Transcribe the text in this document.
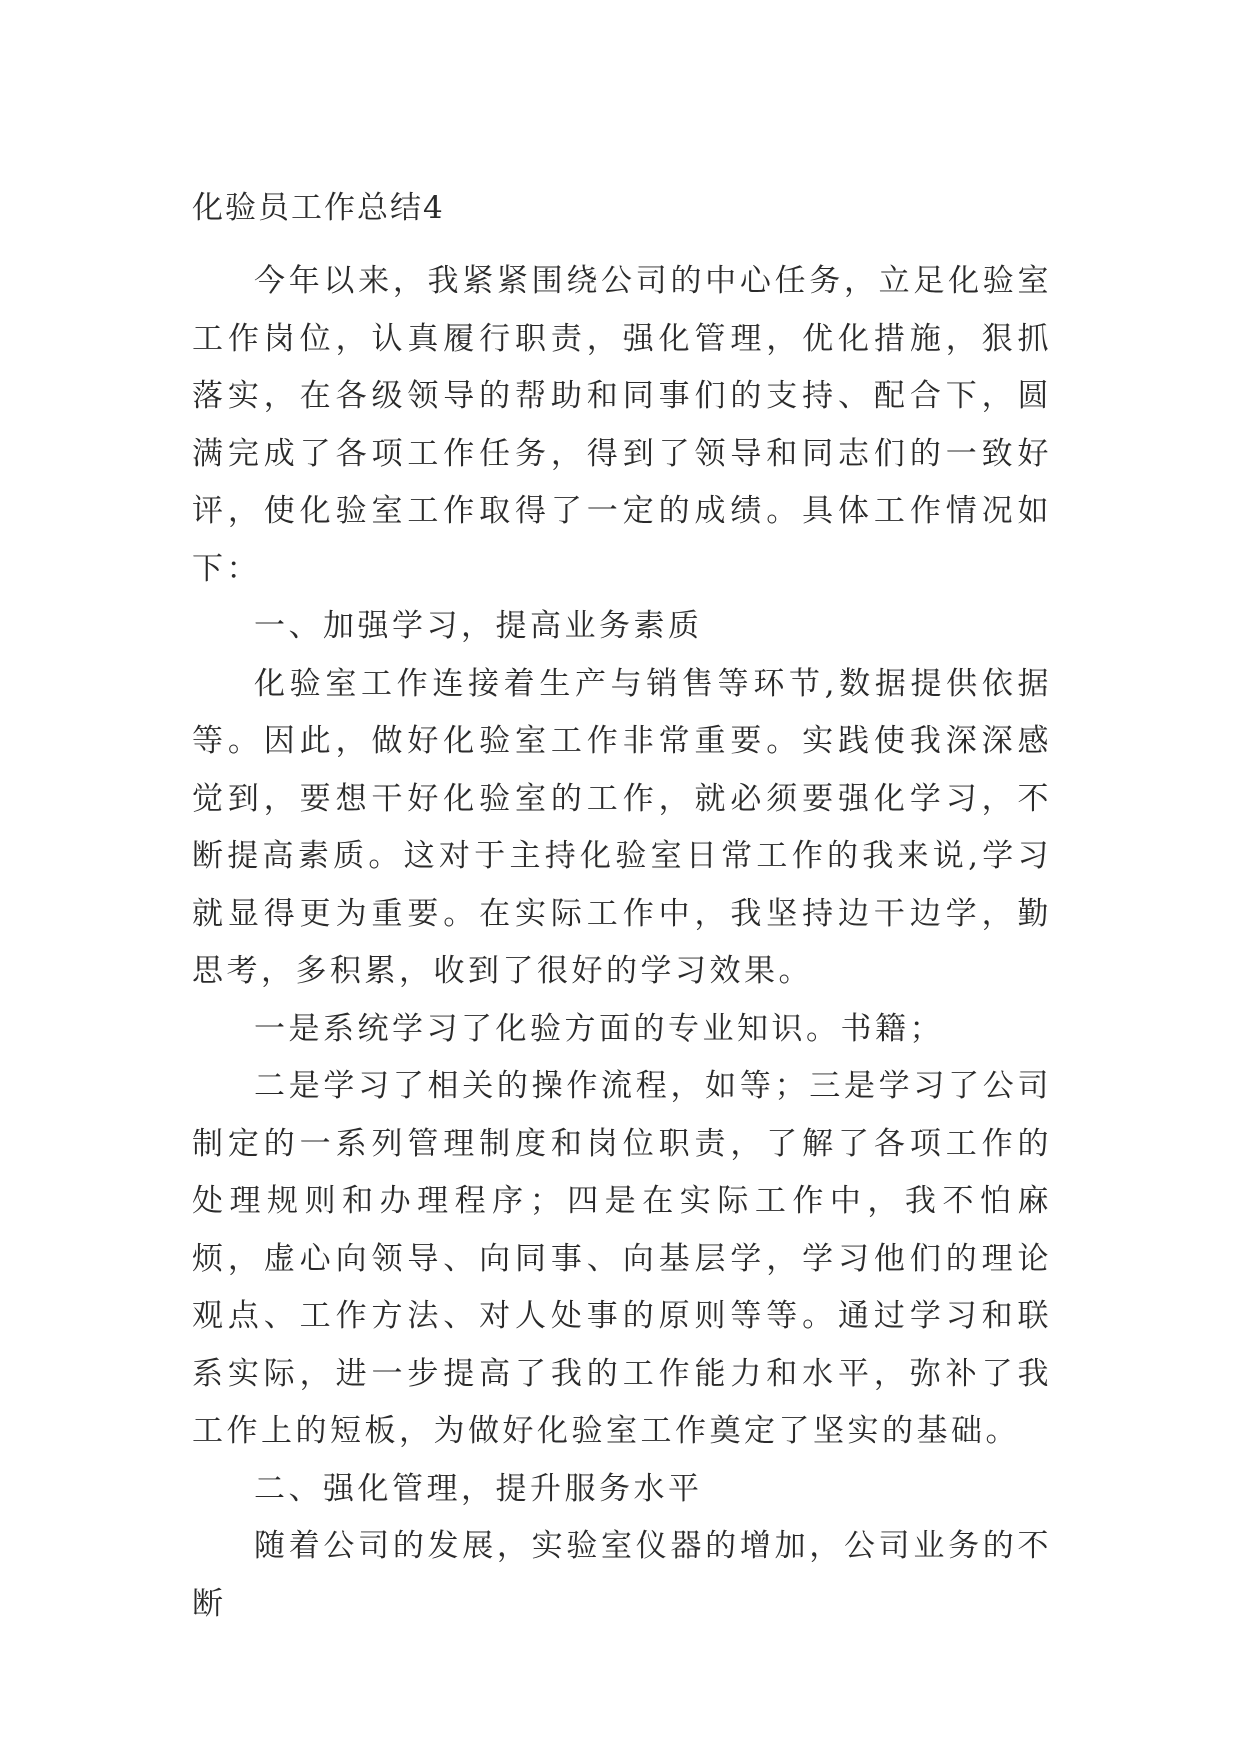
化验员工作总结4

今年以来，我紧紧围绕公司的中心任务，立足化验室工作岗位，认真履行职责，强化管理，优化措施，狠抓落实，在各级领导的帮助和同事们的支持、配合下，圆满完成了各项工作任务，得到了领导和同志们的一致好评，使化验室工作取得了一定的成绩。具体工作情况如下：

一、加强学习，提高业务素质

化验室工作连接着生产与销售等环节,数据提供依据等。因此，做好化验室工作非常重要。实践使我深深感觉到，要想干好化验室的工作，就必须要强化学习，不断提高素质。这对于主持化验室日常工作的我来说,学习就显得更为重要。在实际工作中，我坚持边干边学，勤思考，多积累，收到了很好的学习效果。

一是系统学习了化验方面的专业知识。书籍；

二是学习了相关的操作流程，如等；三是学习了公司制定的一系列管理制度和岗位职责，了解了各项工作的处理规则和办理程序；四是在实际工作中，我不怕麻烦，虚心向领导、向同事、向基层学，学习他们的理论观点、工作方法、对人处事的原则等等。通过学习和联系实际，进一步提高了我的工作能力和水平，弥补了我工作上的短板，为做好化验室工作奠定了坚实的基础。

二、强化管理，提升服务水平

随着公司的发展，实验室仪器的增加，公司业务的不断
